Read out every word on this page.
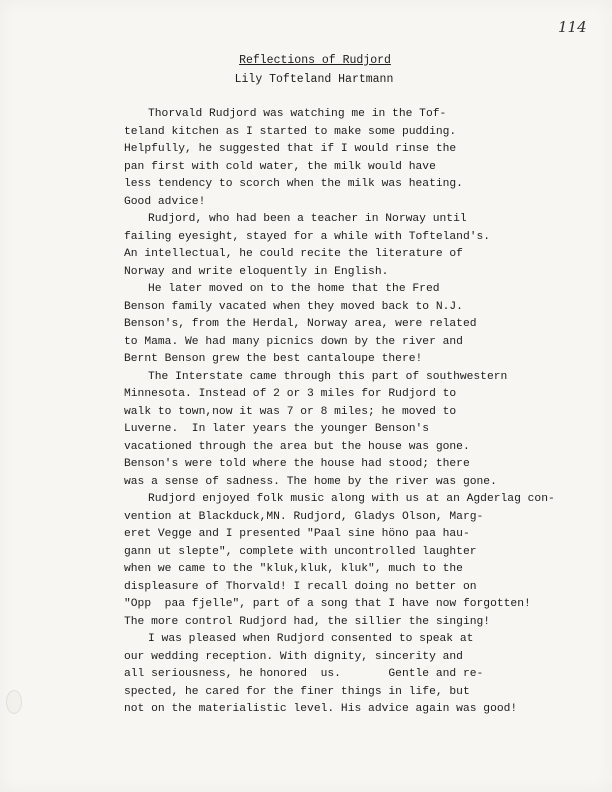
114
Reflections of Rudjord
Lily Tofteland Hartmann
Thorvald Rudjord was watching me in the Tof-
teland kitchen as I started to make some pudding.
Helpfully, he suggested that if I would rinse the
pan first with cold water, the milk would have
less tendency to scorch when the milk was heating.
Good advice!
Rudjord, who had been a teacher in Norway until
failing eyesight, stayed for a while with Tofteland's.
An intellectual, he could recite the literature of
Norway and write eloquently in English.
He later moved on to the home that the Fred
Benson family vacated when they moved back to N.J.
Benson's, from the Herdal, Norway area, were related
to Mama. We had many picnics down by the river and
Bernt Benson grew the best cantaloupe there!
The Interstate came through this part of southwestern
Minnesota. Instead of 2 or 3 miles for Rudjord to
walk to town,now it was 7 or 8 miles; he moved to
Luverne.  In later years the younger Benson's
vacationed through the area but the house was gone.
Benson's were told where the house had stood; there
was a sense of sadness. The home by the river was gone.
Rudjord enjoyed folk music along with us at an Agderlag con-
vention at Blackduck,MN. Rudjord, Gladys Olson, Marg-
eret Vegge and I presented "Paal sine höno paa hau-
gann ut slepte", complete with uncontrolled laughter
when we came to the "kluk,kluk, kluk", much to the
displeasure of Thorvald! I recall doing no better on
"Opp  paa fjelle", part of a song that I have now forgotten!
The more control Rudjord had, the sillier the singing!
I was pleased when Rudjord consented to speak at
our wedding reception. With dignity, sincerity and
all seriousness, he honored  us.       Gentle and re-
spected, he cared for the finer things in life, but
not on the materialistic level. His advice again was good!
